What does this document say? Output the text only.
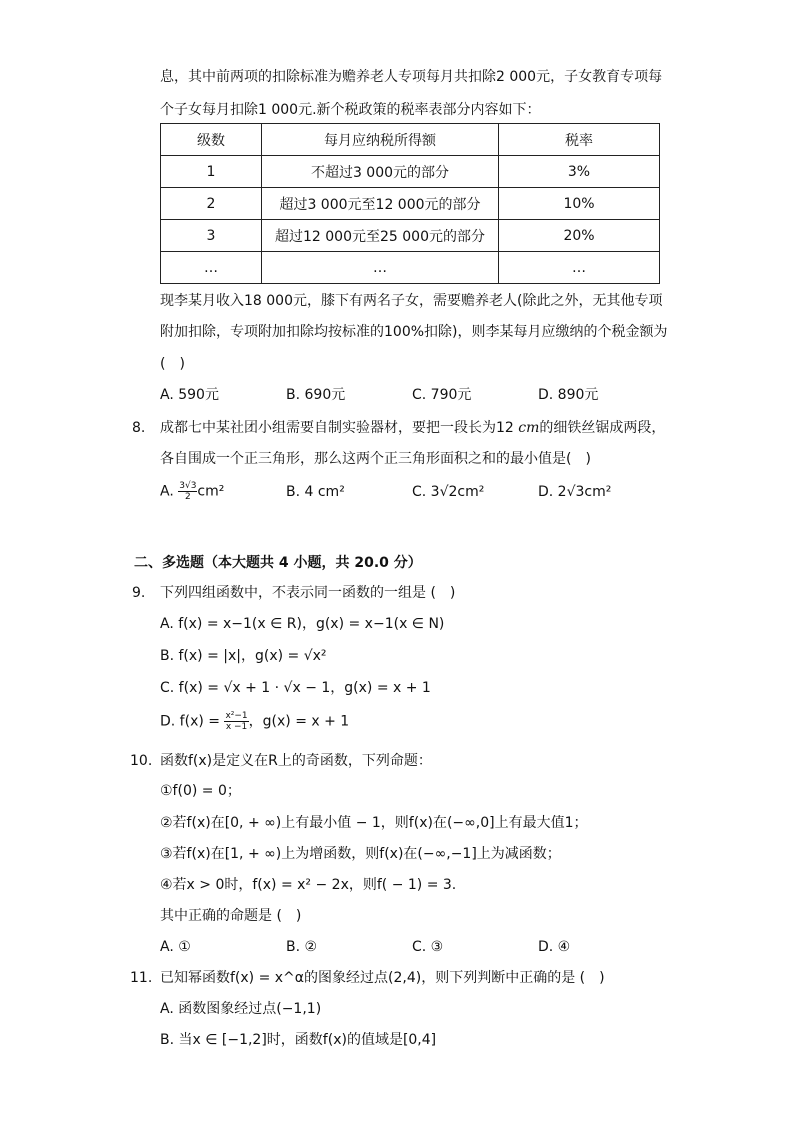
息，其中前两项的扣除标准为赡养老人专项每月共扣除2 000元，子女教育专项每
个子女每月扣除1 000元.新个税政策的税率表部分内容如下：
级数	每月应纳税所得额	税率
1	不超过3 000元的部分	3%
2	超过3 000元至12 000元的部分	10%
3	超过12 000元至25 000元的部分	20%
…	…	…
现李某月收入18 000元，膝下有两名子女，需要赡养老人(除此之外，无其他专项
附加扣除，专项附加扣除均按标准的100%扣除)，则李某每月应缴纳的个税金额为
(　)
A. 590元	B. 690元	C. 790元	D. 890元
8. 成都七中某社团小组需要自制实验器材，要把一段长为12 cm的细铁丝锯成两段，
各自围成一个正三角形，那么这两个正三角形面积之和的最小值是(　)
A. $\frac{3√3}{2} cm^2$	B. 4 cm²	C. 3√2cm²	D. 2√3cm²
二、多选题（本大题共 4 小题，共 20.0 分）
9. 下列四组函数中，不表示同一函数的一组是 (　)
A. f(x) = x−1(x ∈ R)，g(x) = x−1(x ∈ N)
B. f(x) = |x|，g(x) = √x²
C. f(x) = √x + 1 · √x − 1，g(x) = x + 1
D. $f(x) = \frac{\text{x²−1}}{x -1}$ ，g(x) = x + 1
10. 函数f(x)是定义在R上的奇函数，下列命题：
①f(0) = 0；
②若f(x)在[0, + ∞)上有最小值 − 1，则f(x)在(−∞,0]上有最大值1；
③若f(x)在[1, + ∞)上为增函数，则f(x)在(−∞,−1]上为减函数；
④若x > 0时，f(x) = x² − 2x，则f( − 1) = 3.
其中正确的命题是 (　)
A. ①	B. ②	C. ③	D. ④
11. 已知幂函数f(x) = x^α的图象经过点(2,4)，则下列判断中正确的是 (　)
A. 函数图象经过点(−1,1)
B. 当x ∈ [−1,2]时，函数f(x)的值域是[0,4]
